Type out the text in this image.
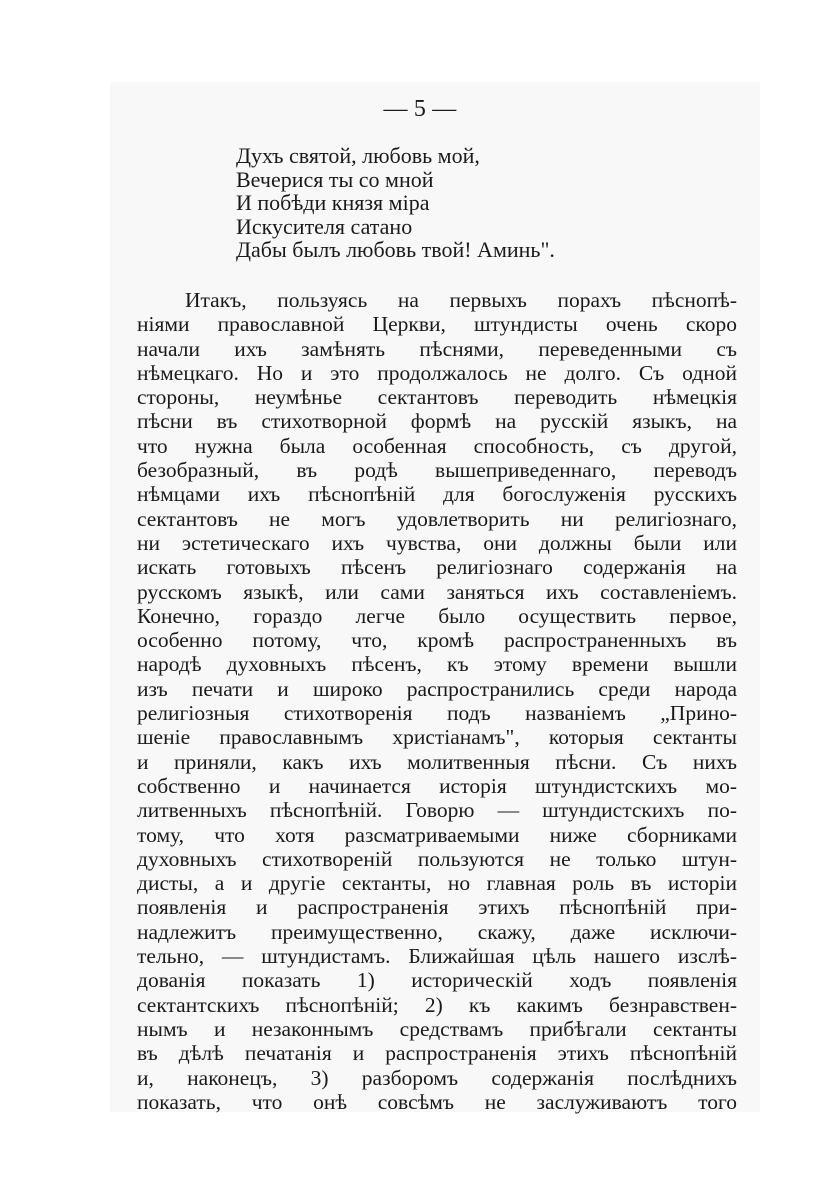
— 5 —
Духъ святой, любовь мой,
Вечерися ты со мной
И побѣди князя міра
Искусителя сатано
Дабы былъ любовь твой! Аминь".
Итакъ, пользуясь на первыхъ порахъ пѣснопѣ-
ніями православной Церкви, штундисты очень скоро
начали ихъ замѣнять пѣснями, переведенными съ
нѣмецкаго. Но и это продолжалось не долго. Съ одной
стороны, неумѣнье сектантовъ переводить нѣмецкія
пѣсни въ стихотворной формѣ на русскій языкъ, на
что нужна была особенная способность, съ другой,
безобразный, въ родѣ вышеприведеннаго, переводъ
нѣмцами ихъ пѣснопѣній для богослуженія русскихъ
сектантовъ не могъ удовлетворить ни религіознаго,
ни эстетическаго ихъ чувства, они должны были или
искать готовыхъ пѣсенъ религіознаго содержанія на
русскомъ языкѣ, или сами заняться ихъ составленіемъ.
Конечно, гораздо легче было осуществить первое,
особенно потому, что, кромѣ распространенныхъ въ
народѣ духовныхъ пѣсенъ, къ этому времени вышли
изъ печати и широко распространились среди народа
религіозныя стихотворенія подъ названіемъ „Прино-
шеніе православнымъ христіанамъ", которыя сектанты
и приняли, какъ ихъ молитвенныя пѣсни. Съ нихъ
собственно и начинается исторія штундистскихъ мо-
литвенныхъ пѣснопѣній. Говорю — штундистскихъ по-
тому, что хотя разсматриваемыми ниже сборниками
духовныхъ стихотвореній пользуются не только штун-
дисты, а и другіе сектанты, но главная роль въ исторіи
появленія и распространенія этихъ пѣснопѣній при-
надлежитъ преимущественно, скажу, даже исключи-
тельно, — штундистамъ. Ближайшая цѣль нашего изслѣ-
дованія показать 1) историческій ходъ появленія
сектантскихъ пѣснопѣній; 2) къ какимъ безнравствен-
нымъ и незаконнымъ средствамъ прибѣгали сектанты
въ дѣлѣ печатанія и распространенія этихъ пѣснопѣній
и, наконецъ, 3) разборомъ содержанія послѣднихъ
показать, что онѣ совсѣмъ не заслуживаютъ того
